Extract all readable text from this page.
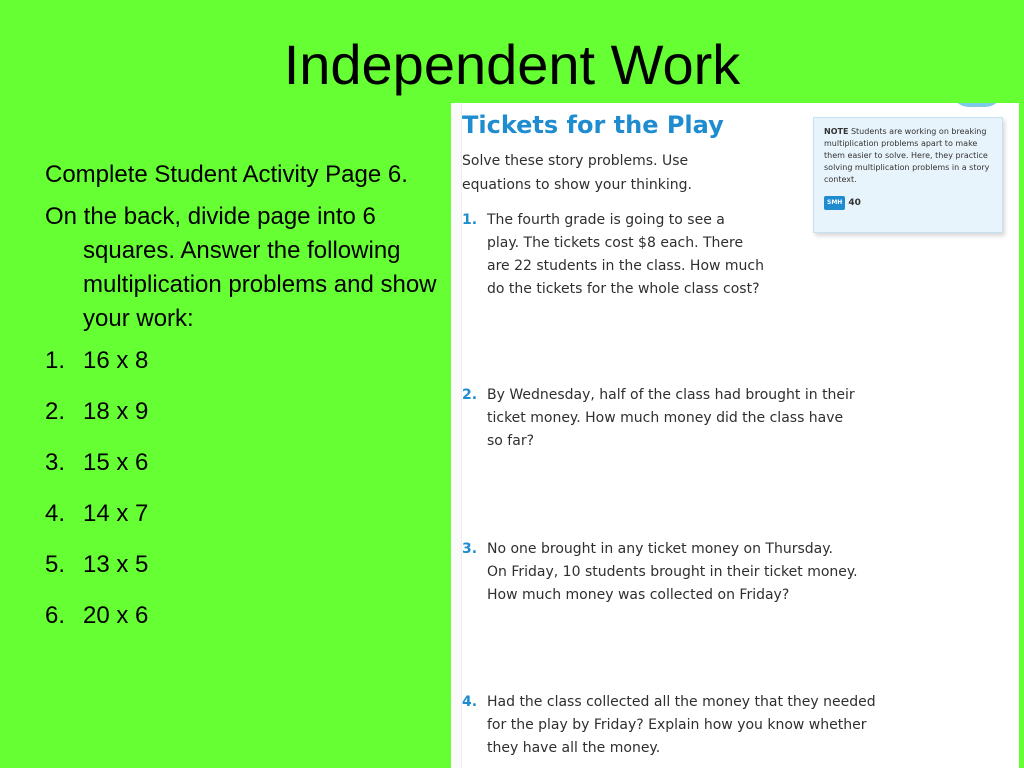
Independent Work

Complete Student Activity Page 6.

On the back, divide page into 6 squares. Answer the following multiplication problems and show your work:

1. 16 x 8
2. 18 x 9
3. 15 x 6
4. 14 x 7
5. 13 x 5
6. 20 x 6
Tickets for the Play
Solve these story problems. Use equations to show your thinking.
NOTE Students are working on breaking multiplication problems apart to make them easier to solve. Here, they practice solving multiplication problems in a story context.
SMH 40
1. The fourth grade is going to see a
play. The tickets cost $8 each. There
are 22 students in the class. How much
do the tickets for the whole class cost?
2. By Wednesday, half of the class had brought in their
ticket money. How much money did the class have
so far?
3. No one brought in any ticket money on Thursday.
On Friday, 10 students brought in their ticket money.
How much money was collected on Friday?
4. Had the class collected all the money that they needed
for the play by Friday? Explain how you know whether
they have all the money.
